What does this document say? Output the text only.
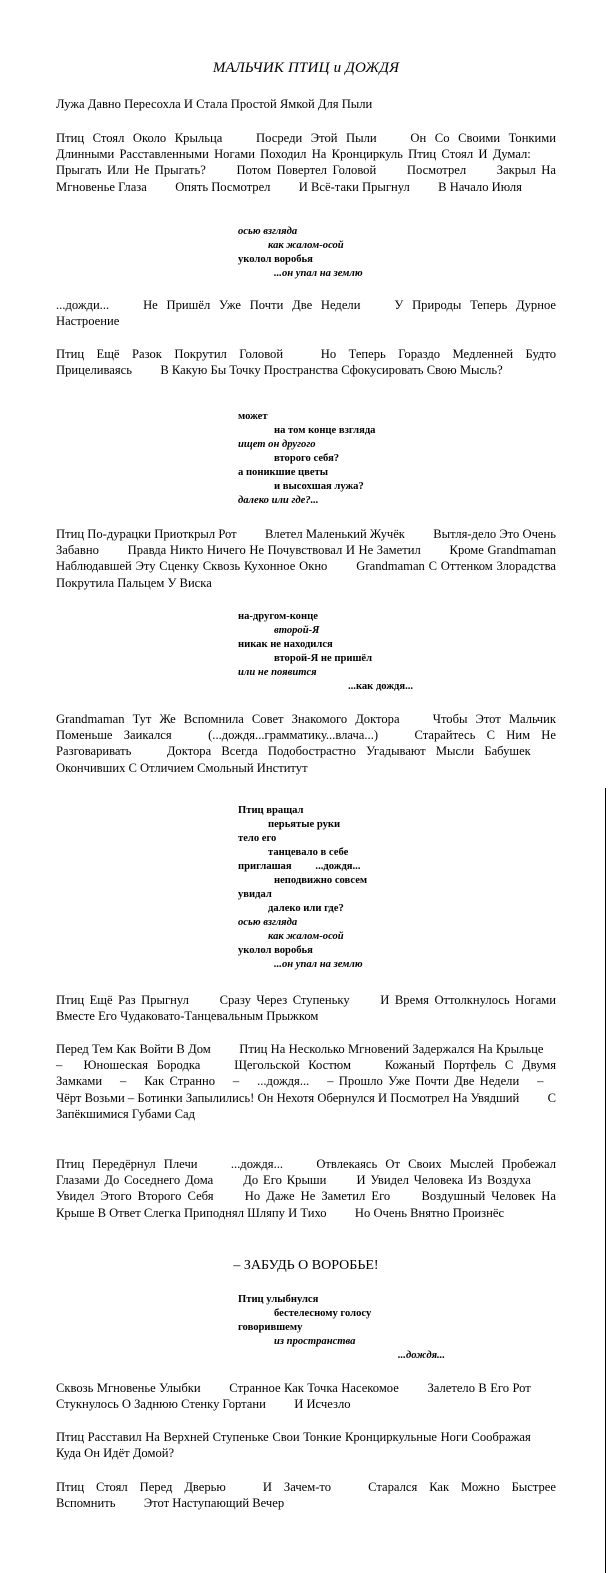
МАЛЬЧИК ПТИЦ и ДОЖДЯ

Лужа Давно Пересохла И Стала Простой Ямкой Для Пыли

Птиц Стоял Около Крыльца   Посреди Этой Пыли   Он Со Своими Тонкими Длинными Расставленными Ногами Походил На Кронциркуль Птиц Стоял И Думал:   Прыгать Или Не Прыгать?   Потом Повертел Головой   Посмотрел   Закрыл На Мгновенье Глаза   Опять Посмотрел   И Всё-таки Прыгнул   В Начало Июля

осью взгляда
как жалом-осой
уколол воробья
...он упал на землю

...дожди...   Не Пришёл Уже Почти Две Недели   У Природы Теперь Дурное Настроение

Птиц Ещё Разок Покрутил Головой   Но Теперь Гораздо Медленней Будто Прицеливаясь   В Какую Бы Точку Пространства Сфокусировать Свою Мысль?

может
на том конце взгляда
ищет он другого
второго себя?
а поникшие цветы
и высохшая лужа?
далеко или где?...

Птиц По-дурацки Приоткрыл Рот   Влетел Маленький Жучёк   Вытля-дело Это Очень Забавно   Правда Никто Ничего Не Почувствовал И Не Заметил   Кроме Grandmaman Наблюдавшей Эту Сценку Сквозь Кухонное Окно   Grandmaman С Оттенком Злорадства Покрутила Пальцем У Виска

на-другом-конце
второй-Я
никак не находился
второй-Я не пришёл
или не появится
...как дождя...

Grandmaman Тут Же Вспомнила Совет Знакомого Доктора   Чтобы Этот Мальчик Поменьше Заикался   (...дождя...грамматику...влача...)   Старайтесь С Ним Не Разговаривать   Доктора Всегда Подобострастно Угадывают Мысли Бабушек   Окончивших С Отличием Смольный Институт

Птиц вращал
перьятые руки
тело его
танцевало в себе
приглашая   ...дождя...
неподвижно совсем
увидал
далеко или где?
осью взгляда
как жалом-осой
уколол воробья
...он упал на землю

Птиц Ещё Раз Прыгнул   Сразу Через Ступеньку   И Время Оттолкнулось Ногами Вместе Его Чудаковато-Танцевальным Прыжком

Перед Тем Как Войти В Дом   Птиц На Несколько Мгновений Задержался На Крыльце  –  Юношеская Бородка   Щегольской Костюм   Кожаный Портфель С Двумя Замками  –  Как Странно  –  ...дождя...  – Прошло Уже Почти Две Недели  –  Чёрт Возьми – Ботинки Запылились! Он Нехотя Обернулся И Посмотрел На Увядший   С Запёкшимися Губами Сад

Птиц Передёрнул Плечи   ...дождя...   Отвлекаясь От Своих Мыслей Пробежал Глазами До Соседнего Дома   До Его Крыши   И Увидел Человека Из Воздуха   Увидел Этого Второго Себя   Но Даже Не Заметил Его   Воздушный Человек На Крыше В Ответ Слегка Приподнял Шляпу И Тихо   Но Очень Внятно Произнёс

– ЗАБУДЬ О ВОРОБЬЕ!
Птиц улыбнулся
бестелесному голосу
говорившему
из пространства
...дождя...

Сквозь Мгновенье Улыбки   Странное Как Точка Насекомое   Залетело В Его Рот   Стукнулось О Заднюю Стенку Гортани   И Исчезло

Птиц Расставил На Верхней Ступеньке Свои Тонкие Кронциркульные Ноги Соображая   Куда Он Идёт Домой?

Птиц Стоял Перед Дверью   И Зачем-то   Старался Как Можно Быстрее Вспомнить   Этот Наступающий Вечер
